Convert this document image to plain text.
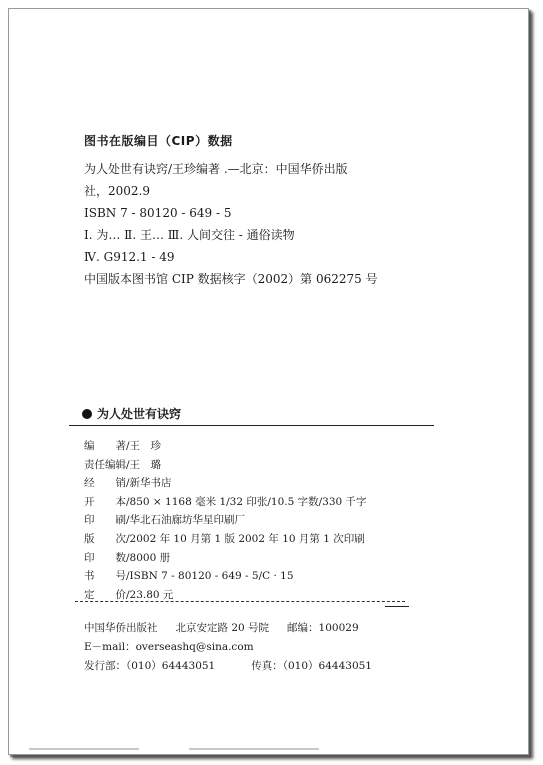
图书在版编目（CIP）数据
为人处世有诀窍/王珍编著 .—北京：中国华侨出版
社，2002.9
ISBN 7 - 80120 - 649 - 5
Ⅰ. 为… Ⅱ. 王… Ⅲ. 人间交往 - 通俗读物
Ⅳ. G912.1 - 49
中国版本图书馆 CIP 数据核字（2002）第 062275 号
为人处世有诀窍
编　　著/王　珍
责任编辑/王　璐
经　　销/新华书店
开　　本/850 × 1168 毫米 1/32 印张/10.5 字数/330 千字
印　　刷/华北石油廊坊华星印刷厂
版　　次/2002 年 10 月第 1 版 2002 年 10 月第 1 次印刷
印　　数/8000 册
书　　号/ISBN 7 - 80120 - 649 - 5/C · 15
定　　价/23.80 元
中国华侨出版社 北京安定路 20 号院 邮编：100029
E－mail：overseashq@sina.com
发行部：（010）64443051	传真：（010）64443051
